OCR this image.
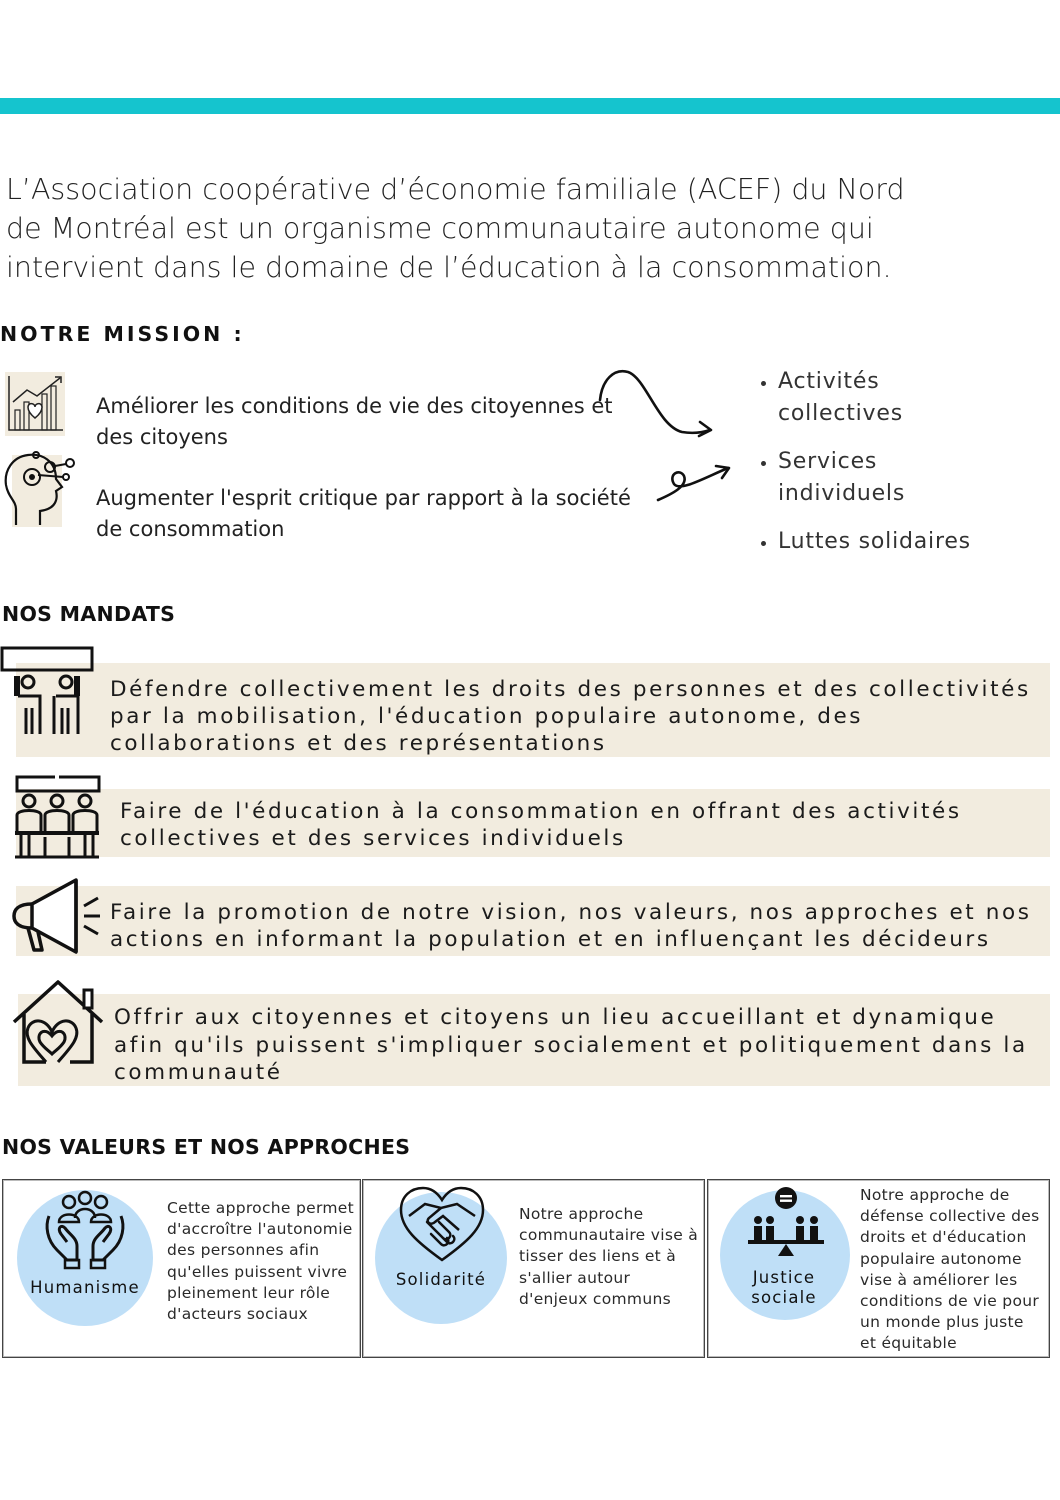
L’Association coopérative d’économie familiale (ACEF) du Nord de Montréal est un organisme communautaire autonome qui intervient dans le domaine de l’éducation à la consommation.
NOTRE MISSION :
Améliorer les conditions de vie des citoyennes et des citoyens
Augmenter l'esprit critique par rapport à la société de consommation
• Activités collectives
• Services individuels
• Luttes solidaires
NOS MANDATS
Défendre collectivement les droits des personnes et des collectivités par la mobilisation, l'éducation populaire autonome, des collaborations et des représentations
Faire de l'éducation à la consommation en offrant des activités collectives et des services individuels
Faire la promotion de notre vision, nos valeurs, nos approches et nos actions en informant la population et en influençant les décideurs
Offrir aux citoyennes et citoyens un lieu accueillant et dynamique afin qu'ils puissent s'impliquer socialement et politiquement dans la communauté
NOS VALEURS ET NOS APPROCHES
Humanisme
Cette approche permet d'accroître l'autonomie des personnes afin qu'elles puissent vivre pleinement leur rôle d'acteurs sociaux
Solidarité
Notre approche communautaire vise à tisser des liens et à s'allier autour d'enjeux communs
Justice sociale
Notre approche de défense collective des droits et d'éducation populaire autonome vise à améliorer les conditions de vie pour un monde plus juste et équitable
